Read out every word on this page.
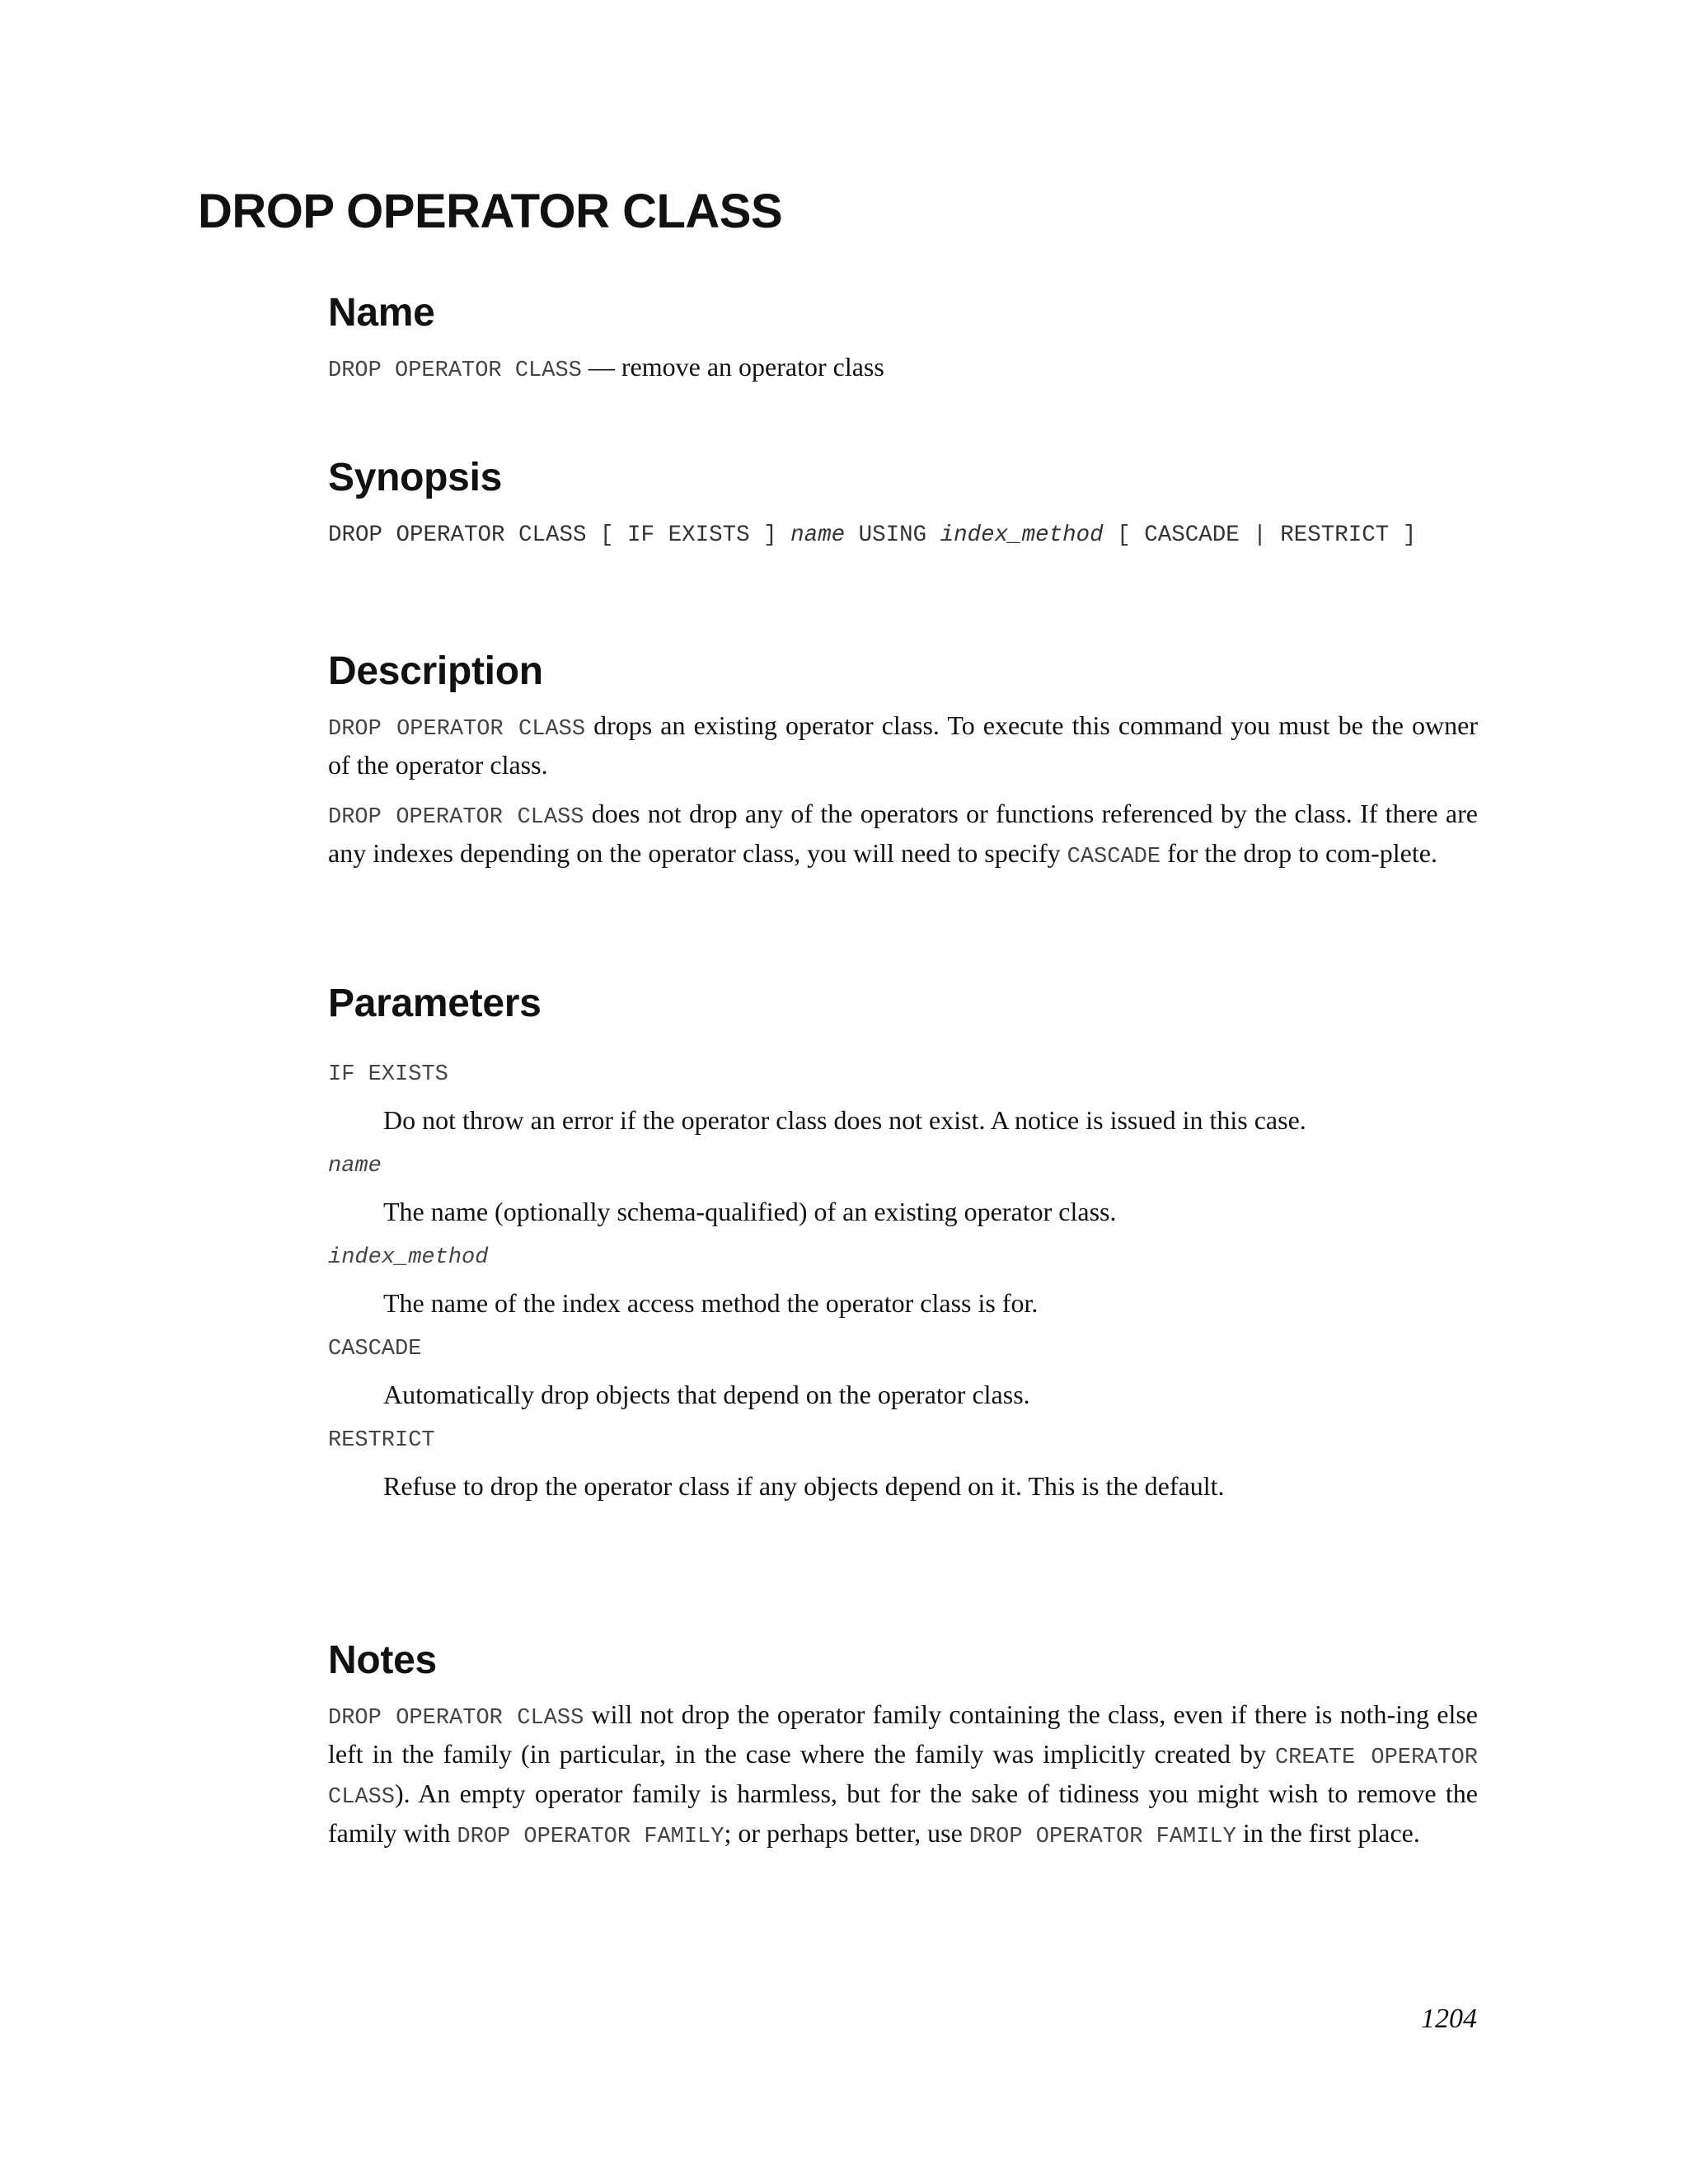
DROP OPERATOR CLASS
Name

DROP OPERATOR CLASS — remove an operator class

Synopsis
DROP OPERATOR CLASS [ IF EXISTS ] name USING index_method [ CASCADE | RESTRICT ]
Description

DROP OPERATOR CLASS drops an existing operator class. To execute this command you must be the owner of the operator class.

DROP OPERATOR CLASS does not drop any of the operators or functions referenced by the class. If there are any indexes depending on the operator class, you will need to specify CASCADE for the drop to com-plete.

Parameters
IF EXISTS
Do not throw an error if the operator class does not exist. A notice is issued in this case.
name
The name (optionally schema-qualified) of an existing operator class.
index_method
The name of the index access method the operator class is for.
CASCADE
Automatically drop objects that depend on the operator class.
RESTRICT
Refuse to drop the operator class if any objects depend on it. This is the default.
Notes

DROP OPERATOR CLASS will not drop the operator family containing the class, even if there is noth-ing else left in the family (in particular, in the case where the family was implicitly created by CREATE OPERATOR CLASS). An empty operator family is harmless, but for the sake of tidiness you might wish to remove the family with DROP OPERATOR FAMILY; or perhaps better, use DROP OPERATOR FAMILY in the first place.

1204
